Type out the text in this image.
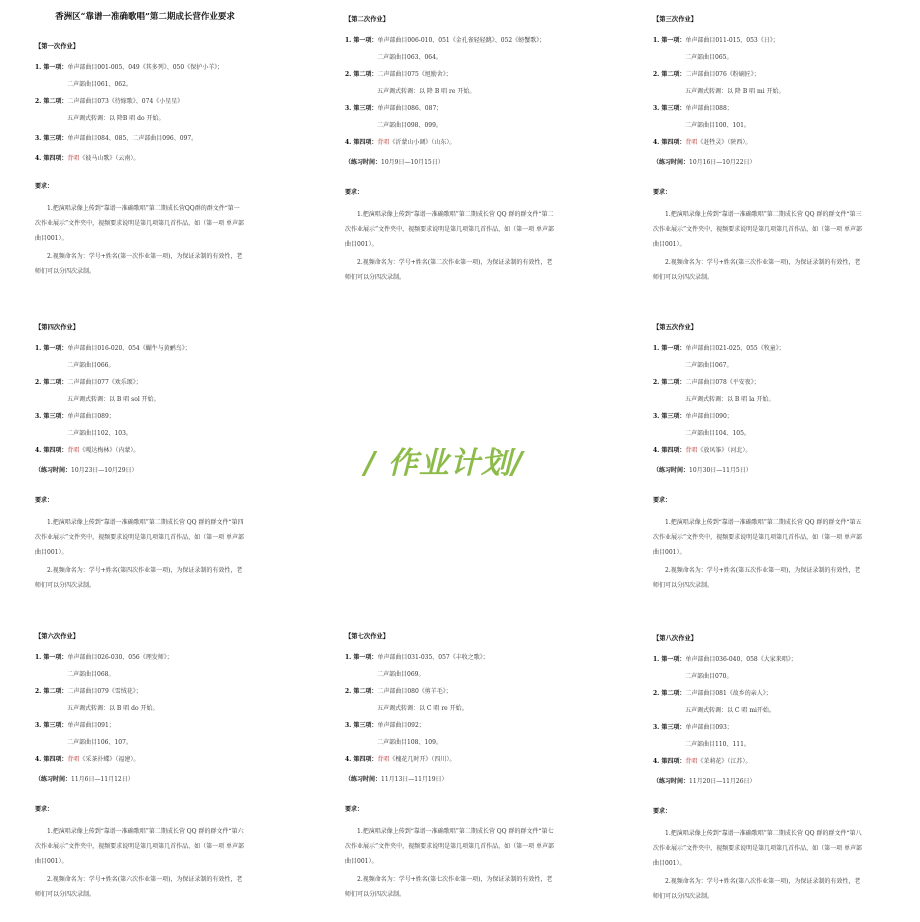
香洲区“靠谱一准确歌唱”第二期成长营作业要求
【第一次作业】
1. 第一项：单声部曲目001-005、049《其多列》、050《保护小羊》；
二声部曲目061、062。
2. 第二项：二声部曲目073《待嫁歌》、074《小星星》
五声调式转调：以 降B 唱 do 开始。
3. 第三项：单声部曲目084、085、二声部曲目096、097。
4. 第四项：背唱《彼马山歌》（云南）。
要求：
1.把演唱录像上传到“靠谱一准确歌唱”第二期成长营QQ群的群文件“第一次作业展示”文件夹中，视频要求说明是第几项第几首作品，如（第一项 单声部 曲目001）。
2.视频命名为：学号+姓名(第一次作业第一项)，为保证录制的有效性，老师们可以分四次录制。
【第二次作业】
1. 第一项：单声部曲目006-010、051《金孔雀轻轻跳》、052《螃蟹歌》；
二声部曲目063、064。
2. 第二项：二声部曲目075《旭励舍》；
五声调式转调：以 降 B 唱 re 开始。
3. 第三项：单声部曲目086、087；
二声部曲目098、099。
4. 第四项：背唱《沂蒙山小调》（山东）。
（练习时间：10月9日—10月15日）
要求：
1.把演唱录像上传到“靠谱一准确歌唱”第二期成长营 QQ 群的群文件“第二次作业展示”文件夹中，视频要求说明是第几项第几首作品，如（第一项 单声部 曲目001）。
2.视频命名为：学号+姓名(第二次作业第一项)，为保证录制的有效性，老师们可以分四次录制。
【第三次作业】
1. 第一项：单声部曲目011-015、053《日》；
二声部曲目065。
2. 第二项：二声部曲目076《粉刷匠》；
五声调式转调：以 降 B 唱 mi 开始。
3. 第三项：单声部曲目088；
二声部曲目100、101。
4. 第四项：背唱《赶牲灵》（陕西）。
（练习时间：10月16日—10月22日）
要求：
1.把演唱录像上传到“靠谱一准确歌唱”第二期成长营 QQ 群的群文件“第三次作业展示”文件夹中，视频要求说明是第几项第几首作品，如（第一项 单声部 曲目001）。
2.视频命名为：学号+姓名(第三次作业第一项)，为保证录制的有效性，老师们可以分四次录制。
【第四次作业】
1. 第一项：单声部曲目016-020、054《蝴牛与黄鹂鸟》；
二声部曲目066。
2. 第二项：二声部曲目077《欢乐颂》；
五声调式转调：以 B 唱 sol 开始。
3. 第三项：单声部曲目089；
二声部曲目102、103。
4. 第四项：背唱《嘎达梅林》（内蒙）。
（练习时间：10月23日—10月29日）
要求：
1.把演唱录像上传到“靠谱一准确歌唱”第二期成长营 QQ 群的群文件“第四次作业展示”文件夹中，视频要求说明是第几项第几首作品，如（第一项 单声部 曲目001）。
2.视频命名为：学号+姓名(第四次作业第一项)，为保证录制的有效性，老师们可以分四次录制。
【第五次作业】
1. 第一项：单声部曲目021-025、055《牧童》；
二声部曲目067。
2. 第二项：二声部曲目078《平安夜》；
五声调式转调：以 B 唱 la 开始。
3. 第三项：单声部曲目090；
二声部曲目104、105。
4. 第四项：背唱《放风筝》（河北）。
（练习时间：10月30日—11月5日）
要求：
1.把演唱录像上传到“靠谱一准确歌唱”第二期成长营 QQ 群的群文件“第五次作业展示”文件夹中，视频要求说明是第几项第几首作品，如（第一项 单声部 曲目001）。
2.视频命名为：学号+姓名(第五次作业第一项)，为保证录制的有效性，老师们可以分四次录制。
【第六次作业】
1. 第一项：单声部曲目026-030、056《理发师》；
二声部曲目068。
2. 第二项：二声部曲目079《雪绒花》；
五声调式转调：以 B 唱 do 开始。
3. 第三项：单声部曲目091；
二声部曲目106、107。
4. 第四项：背唱《采茶扑蝶》（福建）。
（练习时间：11月6日—11月12日）
要求：
1.把演唱录像上传到“靠谱一准确歌唱”第二期成长营 QQ 群的群文件“第六次作业展示”文件夹中，视频要求说明是第几项第几首作品，如（第一项 单声部 曲目001）。
2.视频命名为：学号+姓名(第六次作业第一项)，为保证录制的有效性，老师们可以分四次录制。
【第七次作业】
1. 第一项：单声部曲目031-035、057《丰收之歌》；
二声部曲目069。
2. 第二项：二声部曲目080《剪羊毛》；
五声调式转调：以 C 唱 re 开始。
3. 第三项：单声部曲目092；
二声部曲目108、109。
4. 第四项：背唱《槐花几时开》（四川）。
（练习时间：11月13日—11月19日）
要求：
1.把演唱录像上传到“靠谱一准确歌唱”第二期成长营 QQ 群的群文件“第七次作业展示”文件夹中，视频要求说明是第几项第几首作品，如（第一项 单声部 曲目001）。
2.视频命名为：学号+姓名(第七次作业第一项)，为保证录制的有效性，老师们可以分四次录制。
【第八次作业】
1. 第一项：单声部曲目036-040、058《大家来唱》；
二声部曲目070。
2. 第二项：二声部曲目081《故乡的亲人》；
五声调式转调：以 C 唱 mi开始。
3. 第三项：单声部曲目093；
二声部曲目110、111。
4. 第四项：背唱《茉莉花》（江苏）。
（练习时间：11月20日—11月26日）
要求：
1.把演唱录像上传到“靠谱一准确歌唱”第二期成长营 QQ 群的群文件“第八次作业展示”文件夹中，视频要求说明是第几项第几首作品，如（第一项 单声部 曲目001）。
2.视频命名为：学号+姓名(第八次作业第一项)，为保证录制的有效性，老师们可以分四次录制。
/ 作业计划/
